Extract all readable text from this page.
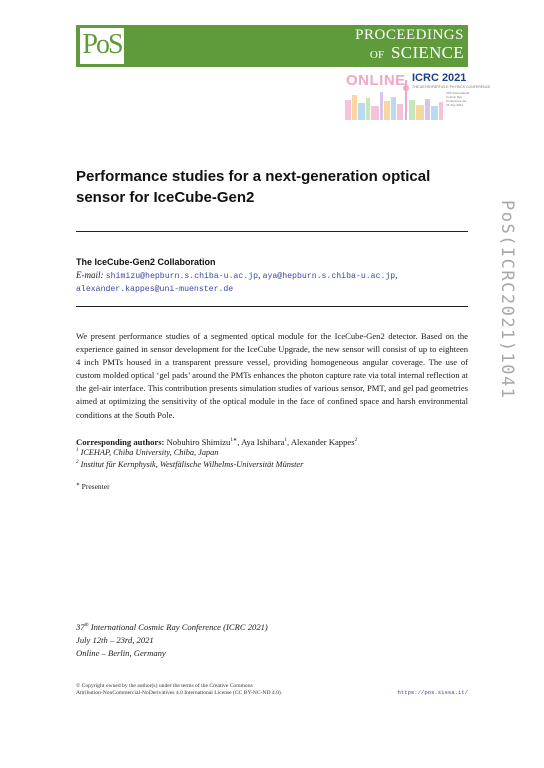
PoS	PROCEEDINGS
OF SCIENCE
ONLINE ICRC 2021
THE ASTROPARTICLE PHYSICS CONFERENCE
37th International Cosmic Ray Conference 12-23 July 2021
PoS(ICRC2021)1041
Performance studies for a next-generation optical sensor for IceCube-Gen2
The IceCube-Gen2 Collaboration
E-mail: shimizu@hepburn.s.chiba-u.ac.jp, aya@hepburn.s.chiba-u.ac.jp,
alexander.kappes@uni-muenster.de
We present performance studies of a segmented optical module for the IceCube-Gen2 detector. Based on the experience gained in sensor development for the IceCube Upgrade, the new sensor will consist of up to eighteen 4 inch PMTs housed in a transparent pressure vessel, providing homogeneous angular coverage. The use of custom molded optical ‘gel pads’ around the PMTs enhances the photon capture rate via total internal reflection at the gel-air interface. This contribution presents simulation studies of various sensor, PMT, and gel pad geometries aimed at optimizing the sensitivity of the optical module in the face of confined space and harsh environmental conditions at the South Pole.
Corresponding authors: Nobuhiro Shimizu$^{1∗}$, Aya Ishihara$^1$, Alexander Kappes$^2$
$^1$ ICEHAP, Chiba University, Chiba, Japan
$^2$ Institut für Kernphysik, Westfälische Wilhelms-Universität Münster
∗ Presenter
37th International Cosmic Ray Conference (ICRC 2021)
July 12th – 23rd, 2021
Online – Berlin, Germany
© Copyright owned by the author(s) under the terms of the Creative Commons
Attribution-NonCommercial-NoDerivatives 4.0 International License (CC BY-NC-ND 4.0).	https://pos.sissa.it/
